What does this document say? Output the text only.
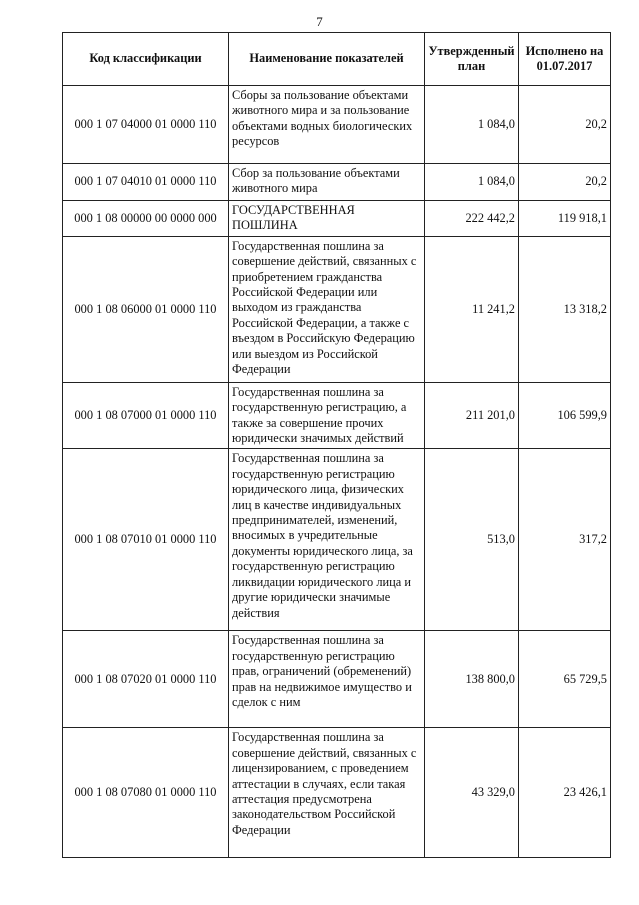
7
Код классификации	Наименование показателей	Утвержденный план	Исполнено на 01.07.2017
000 1 07 04000 01 0000 110	Сборы за пользование объектами животного мира и за пользование объектами водных биологических ресурсов	1 084,0	20,2
000 1 07 04010 01 0000 110	Сбор за пользование объектами животного мира	1 084,0	20,2
000 1 08 00000 00 0000 000	ГОСУДАРСТВЕННАЯ ПОШЛИНА	222 442,2	119 918,1
000 1 08 06000 01 0000 110	Государственная пошлина за совершение действий, связанных с приобретением гражданства Российской Федерации или выходом из гражданства Российской Федерации, а также с въездом в Российскую Федерацию или выездом из Российской Федерации	11 241,2	13 318,2
000 1 08 07000 01 0000 110	Государственная пошлина за государственную регистрацию, а также за совершение прочих юридически значимых действий	211 201,0	106 599,9
000 1 08 07010 01 0000 110	Государственная пошлина за государственную регистрацию юридического лица, физических лиц в качестве индивидуальных предпринимателей, изменений, вносимых в учредительные документы юридического лица, за государственную регистрацию ликвидации юридического лица и другие юридически значимые действия	513,0	317,2
000 1 08 07020 01 0000 110	Государственная пошлина за государственную регистрацию прав, ограничений (обременений) прав на недвижимое имущество и сделок с ним	138 800,0	65 729,5
000 1 08 07080 01 0000 110	Государственная пошлина за совершение действий, связанных с лицензированием, с проведением аттестации в случаях, если такая аттестация предусмотрена законодательством Российской Федерации	43 329,0	23 426,1
